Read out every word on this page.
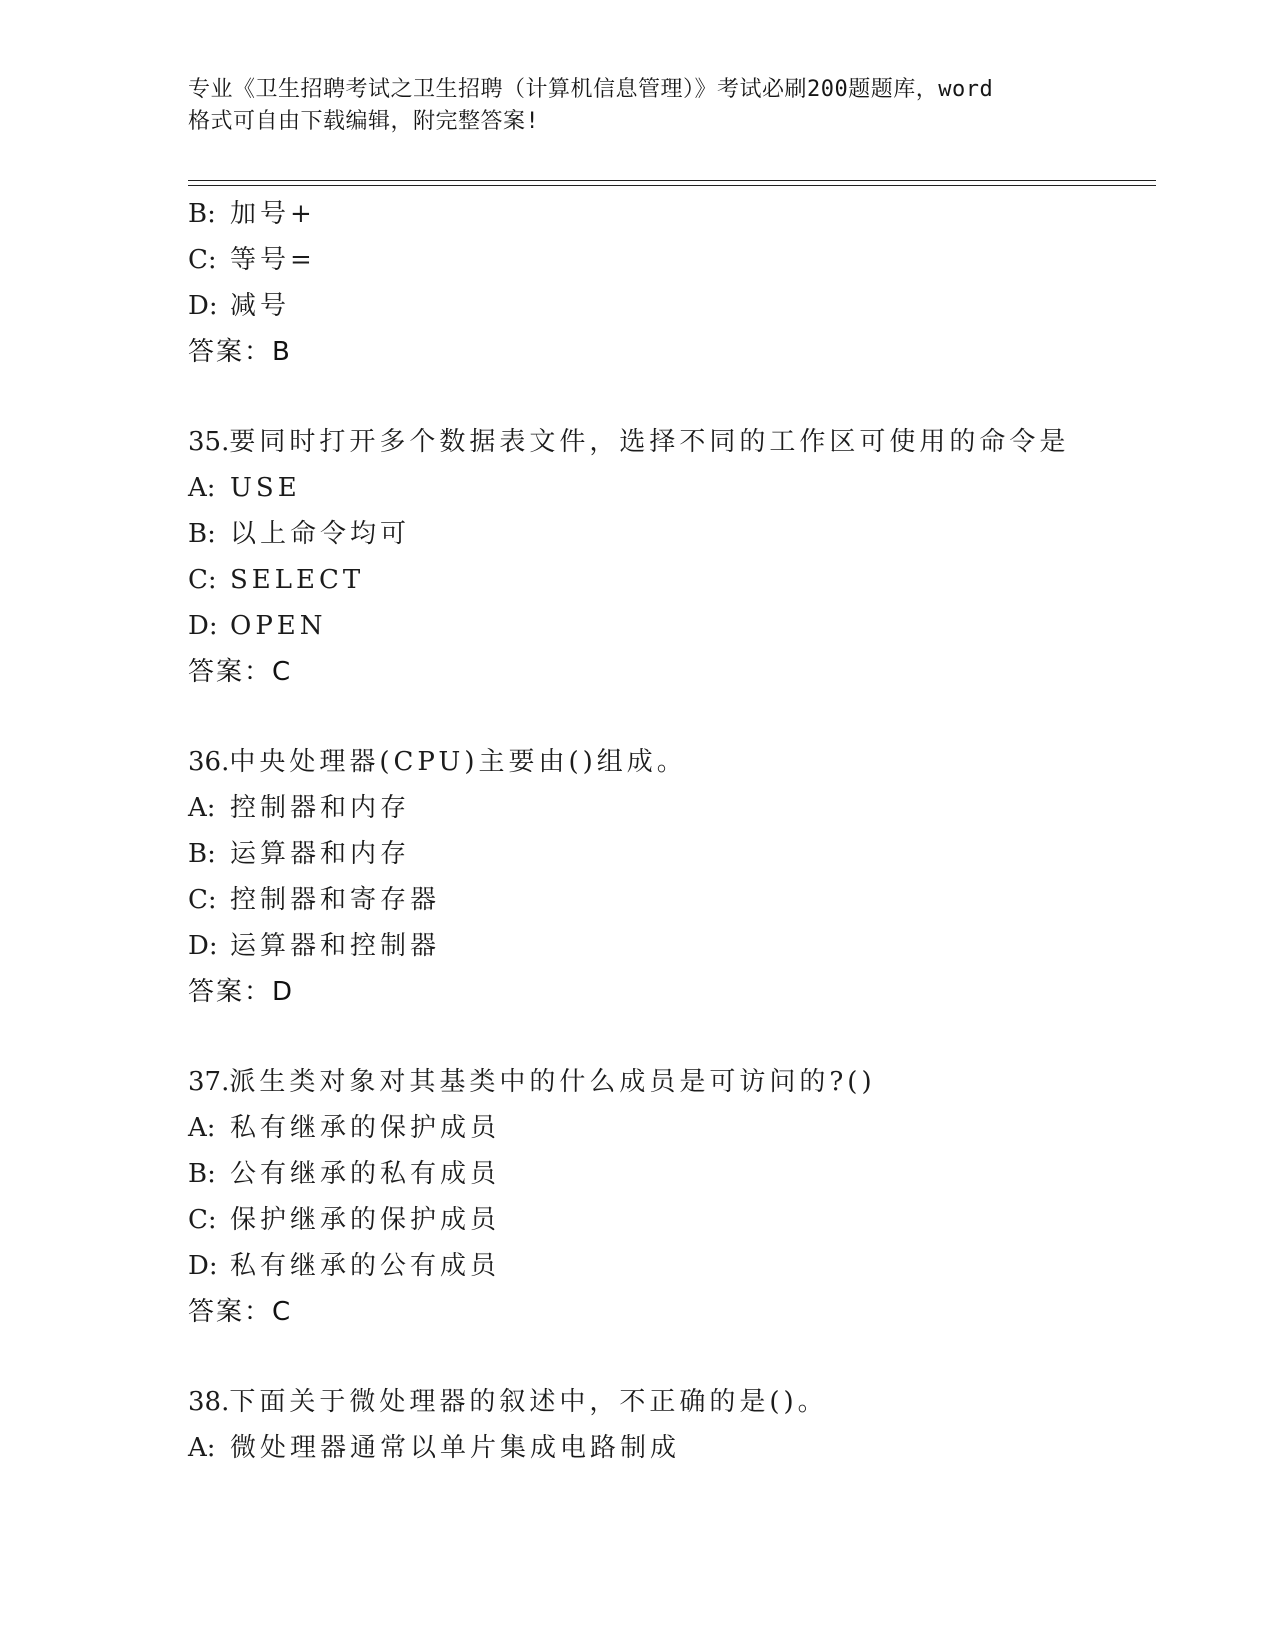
专业《卫生招聘考试之卫生招聘（计算机信息管理）》考试必刷200题题库，word
格式可自由下载编辑，附完整答案!
B: 加号+
C: 等号=
D: 减号
答案：B
35.要同时打开多个数据表文件，选择不同的工作区可使用的命令是
A: USE
B: 以上命令均可
C: SELECT
D: OPEN
答案：C
36.中央处理器(CPU)主要由()组成。
A: 控制器和内存
B: 运算器和内存
C: 控制器和寄存器
D: 运算器和控制器
答案：D
37.派生类对象对其基类中的什么成员是可访问的?()
A: 私有继承的保护成员
B: 公有继承的私有成员
C: 保护继承的保护成员
D: 私有继承的公有成员
答案：C
38.下面关于微处理器的叙述中，不正确的是()。
A: 微处理器通常以单片集成电路制成
